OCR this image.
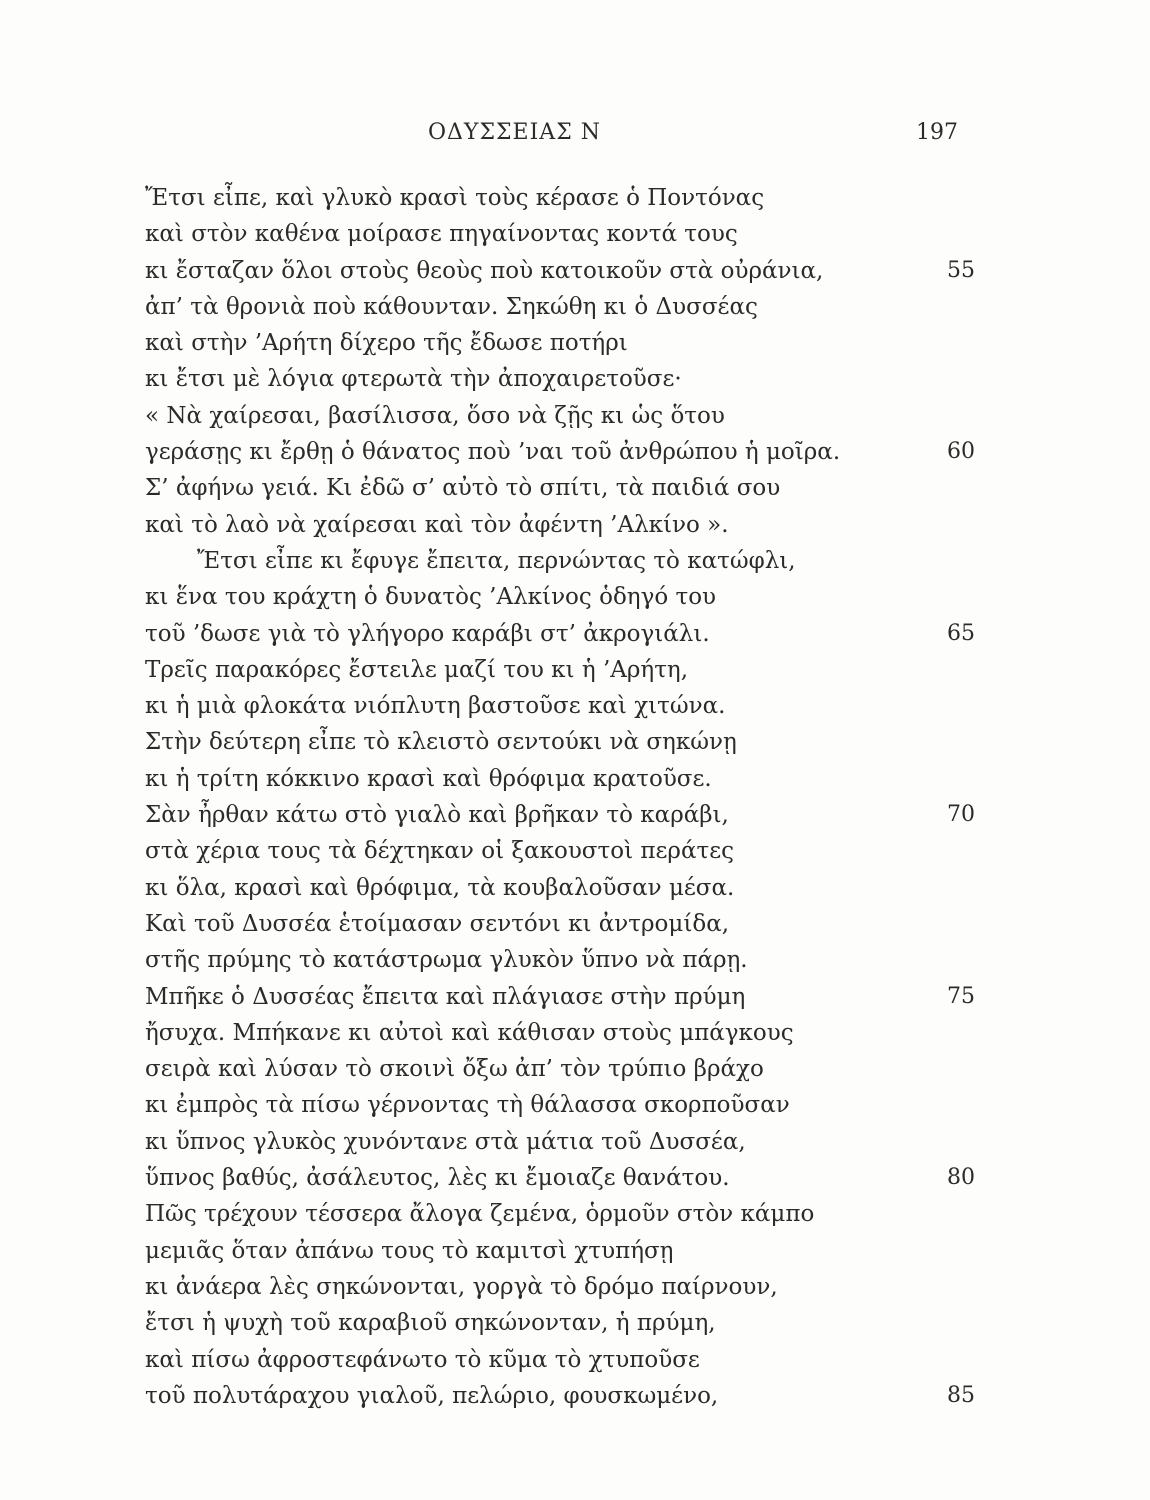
ΟΔΥΣΣΕΙΑΣ Ν	197
Ἔτσι εἶπε, καὶ γλυκὸ κρασὶ τοὺς κέρασε ὁ Ποντόνας
καὶ στὸν καθένα μοίρασε πηγαίνοντας κοντά τους
κι ἔσταζαν ὅλοι στοὺς θεοὺς ποὺ κατοικοῦν στὰ οὐράνια,	55
ἀπ’ τὰ θρονιὰ ποὺ κάθουνταν. Σηκώθη κι ὁ Δυσσέας
καὶ στὴν ’Αρήτη δίχερο τῆς ἔδωσε ποτήρι
κι ἔτσι μὲ λόγια φτερωτὰ τὴν ἀποχαιρετοῦσε·
« Νὰ χαίρεσαι, βασίλισσα, ὅσο νὰ ζῇς κι ὡς ὅτου
γεράσῃς κι ἔρθῃ ὁ θάνατος ποὺ ’ναι τοῦ ἀνθρώπου ἡ μοῖρα.	60
Σ’ ἀφήνω γειά. Κι ἐδῶ σ’ αὐτὸ τὸ σπίτι, τὰ παιδιά σου
καὶ τὸ λαὸ νὰ χαίρεσαι καὶ τὸν ἀφέντη ’Αλκίνο ».
Ἔτσι εἶπε κι ἔφυγε ἔπειτα, περνώντας τὸ κατώφλι,
κι ἕνα του κράχτη ὁ δυνατὸς ’Αλκίνος ὁδηγό του
τοῦ ’δωσε γιὰ τὸ γλήγορο καράβι στ’ ἀκρογιάλι.	65
Τρεῖς παρακόρες ἔστειλε μαζί του κι ἡ ’Αρήτη,
κι ἡ μιὰ φλοκάτα νιόπλυτη βαστοῦσε καὶ χιτώνα.
Στὴν δεύτερη εἶπε τὸ κλειστὸ σεντούκι νὰ σηκώνῃ
κι ἡ τρίτη κόκκινο κρασὶ καὶ θρόφιμα κρατοῦσε.
Σὰν ἦρθαν κάτω στὸ γιαλὸ καὶ βρῆκαν τὸ καράβι,	70
στὰ χέρια τους τὰ δέχτηκαν οἱ ξακουστοὶ περάτες
κι ὅλα, κρασὶ καὶ θρόφιμα, τὰ κουβαλοῦσαν μέσα.
Καὶ τοῦ Δυσσέα ἑτοίμασαν σεντόνι κι ἀντρομίδα,
στῆς πρύμης τὸ κατάστρωμα γλυκὸν ὕπνο νὰ πάρῃ.
Μπῆκε ὁ Δυσσέας ἔπειτα καὶ πλάγιασε στὴν πρύμη	75
ἤσυχα. Μπήκανε κι αὐτοὶ καὶ κάθισαν στοὺς μπάγκους
σειρὰ καὶ λύσαν τὸ σκοινὶ ὄξω ἀπ’ τὸν τρύπιο βράχο
κι ἐμπρὸς τὰ πίσω γέρνοντας τὴ θάλασσα σκορποῦσαν
κι ὕπνος γλυκὸς χυνόντανε στὰ μάτια τοῦ Δυσσέα,
ὕπνος βαθύς, ἀσάλευτος, λὲς κι ἔμοιαζε θανάτου.	80
Πῶς τρέχουν τέσσερα ἄλογα ζεμένα, ὁρμοῦν στὸν κάμπο
μεμιᾶς ὅταν ἀπάνω τους τὸ καμιτσὶ χτυπήσῃ
κι ἀνάερα λὲς σηκώνονται, γοργὰ τὸ δρόμο παίρνουν,
ἔτσι ἡ ψυχὴ τοῦ καραβιοῦ σηκώνονταν, ἡ πρύμη,
καὶ πίσω ἀφροστεφάνωτο τὸ κῦμα τὸ χτυποῦσε
τοῦ πολυτάραχου γιαλοῦ, πελώριο, φουσκωμένο,	85
